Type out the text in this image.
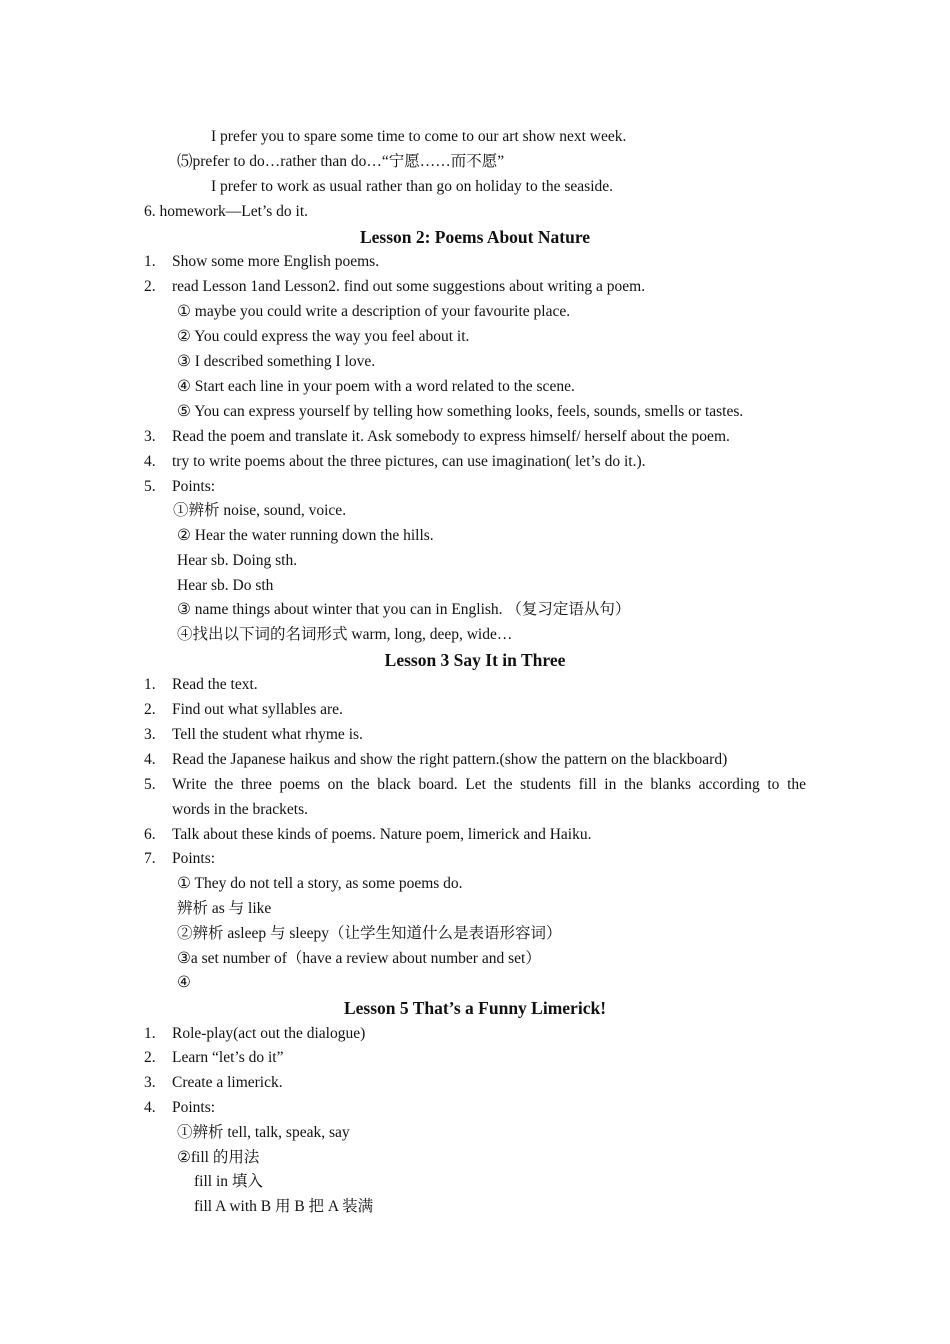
I prefer you to spare some time to come to our art show next week.
⑸prefer to do…rather than do…“宁愿……而不愿”
I prefer to work as usual rather than go on holiday to the seaside.
6. homework—Let’s do it.
Lesson 2: Poems About Nature
1. Show some more English poems.
2. read Lesson 1and Lesson2. find out some suggestions about writing a poem.
① maybe you could write a description of your favourite place.
② You could express the way you feel about it.
③ I described something I love.
④ Start each line in your poem with a word related to the scene.
⑤ You can express yourself by telling how something looks, feels, sounds, smells or tastes.
3. Read the poem and translate it. Ask somebody to express himself/ herself about the poem.
4. try to write poems about the three pictures, can use imagination( let’s do it.).
5. Points:
①辨析 noise, sound, voice.
② Hear the water running down the hills.
Hear sb. Doing sth.
Hear sb. Do sth
③ name things about winter that you can in English. （复习定语从句）
④找出以下词的名词形式 warm, long, deep, wide…
Lesson 3 Say It in Three
1. Read the text.
2. Find out what syllables are.
3. Tell the student what rhyme is.
4. Read the Japanese haikus and show the right pattern.(show the pattern on the blackboard)
5. Write the three poems on the black board. Let the students fill in the blanks according to the
words in the brackets.
6. Talk about these kinds of poems. Nature poem, limerick and Haiku.
7. Points:
① They do not tell a story, as some poems do.
辨析 as 与 like
②辨析 asleep 与 sleepy（让学生知道什么是表语形容词）
③a set number of（have a review about number and set）
④
Lesson 5 That’s a Funny Limerick!
1. Role-play(act out the dialogue)
2. Learn “let’s do it”
3. Create a limerick.
4. Points:
①辨析 tell, talk, speak, say
②fill 的用法
fill in 填入
fill A with B 用 B 把 A 装满
